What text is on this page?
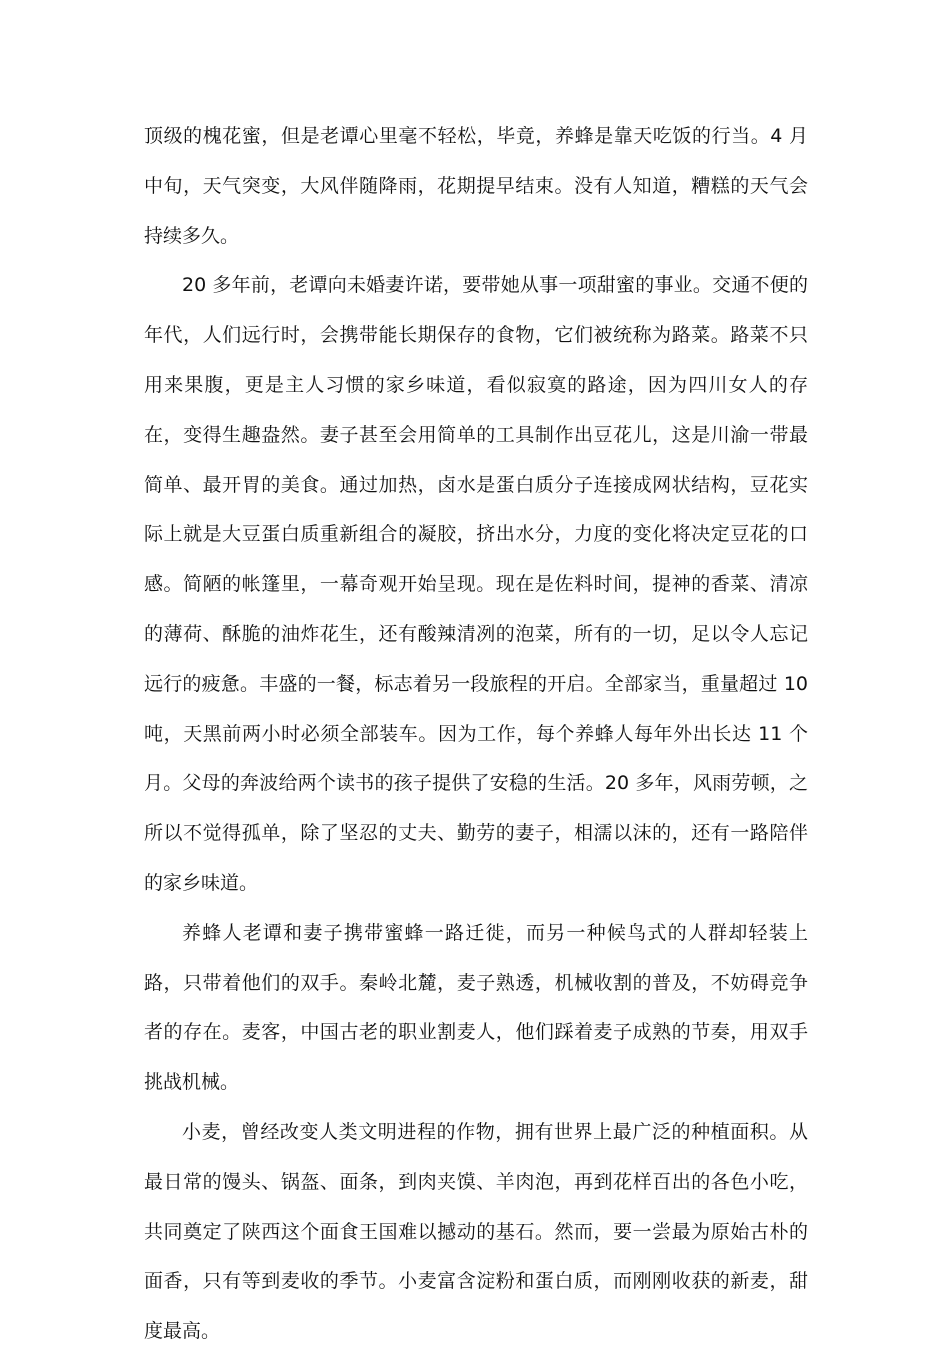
顶级的槐花蜜，但是老谭心里毫不轻松，毕竟，养蜂是靠天吃饭的行当。4 月中旬，天气突变，大风伴随降雨，花期提早结束。没有人知道，糟糕的天气会持续多久。

20 多年前，老谭向未婚妻许诺，要带她从事一项甜蜜的事业。交通不便的年代，人们远行时，会携带能长期保存的食物，它们被统称为路菜。路菜不只用来果腹，更是主人习惯的家乡味道，看似寂寞的路途，因为四川女人的存在，变得生趣盎然。妻子甚至会用简单的工具制作出豆花儿，这是川渝一带最简单、最开胃的美食。通过加热，卤水是蛋白质分子连接成网状结构，豆花实际上就是大豆蛋白质重新组合的凝胶，挤出水分，力度的变化将决定豆花的口感。简陋的帐篷里，一幕奇观开始呈现。现在是佐料时间，提神的香菜、清凉的薄荷、酥脆的油炸花生，还有酸辣清冽的泡菜，所有的一切，足以令人忘记远行的疲惫。丰盛的一餐，标志着另一段旅程的开启。全部家当，重量超过 10 吨，天黑前两小时必须全部装车。因为工作，每个养蜂人每年外出长达 11 个月。父母的奔波给两个读书的孩子提供了安稳的生活。20 多年，风雨劳顿，之所以不觉得孤单，除了坚忍的丈夫、勤劳的妻子，相濡以沫的，还有一路陪伴的家乡味道。

养蜂人老谭和妻子携带蜜蜂一路迁徙，而另一种候鸟式的人群却轻装上路，只带着他们的双手。秦岭北麓，麦子熟透，机械收割的普及，不妨碍竞争者的存在。麦客，中国古老的职业割麦人，他们踩着麦子成熟的节奏，用双手挑战机械。

小麦，曾经改变人类文明进程的作物，拥有世界上最广泛的种植面积。从最日常的馒头、锅盔、面条，到肉夹馍、羊肉泡，再到花样百出的各色小吃，共同奠定了陕西这个面食王国难以撼动的基石。然而，要一尝最为原始古朴的面香，只有等到麦收的季节。小麦富含淀粉和蛋白质，而刚刚收获的新麦，甜度最高。
